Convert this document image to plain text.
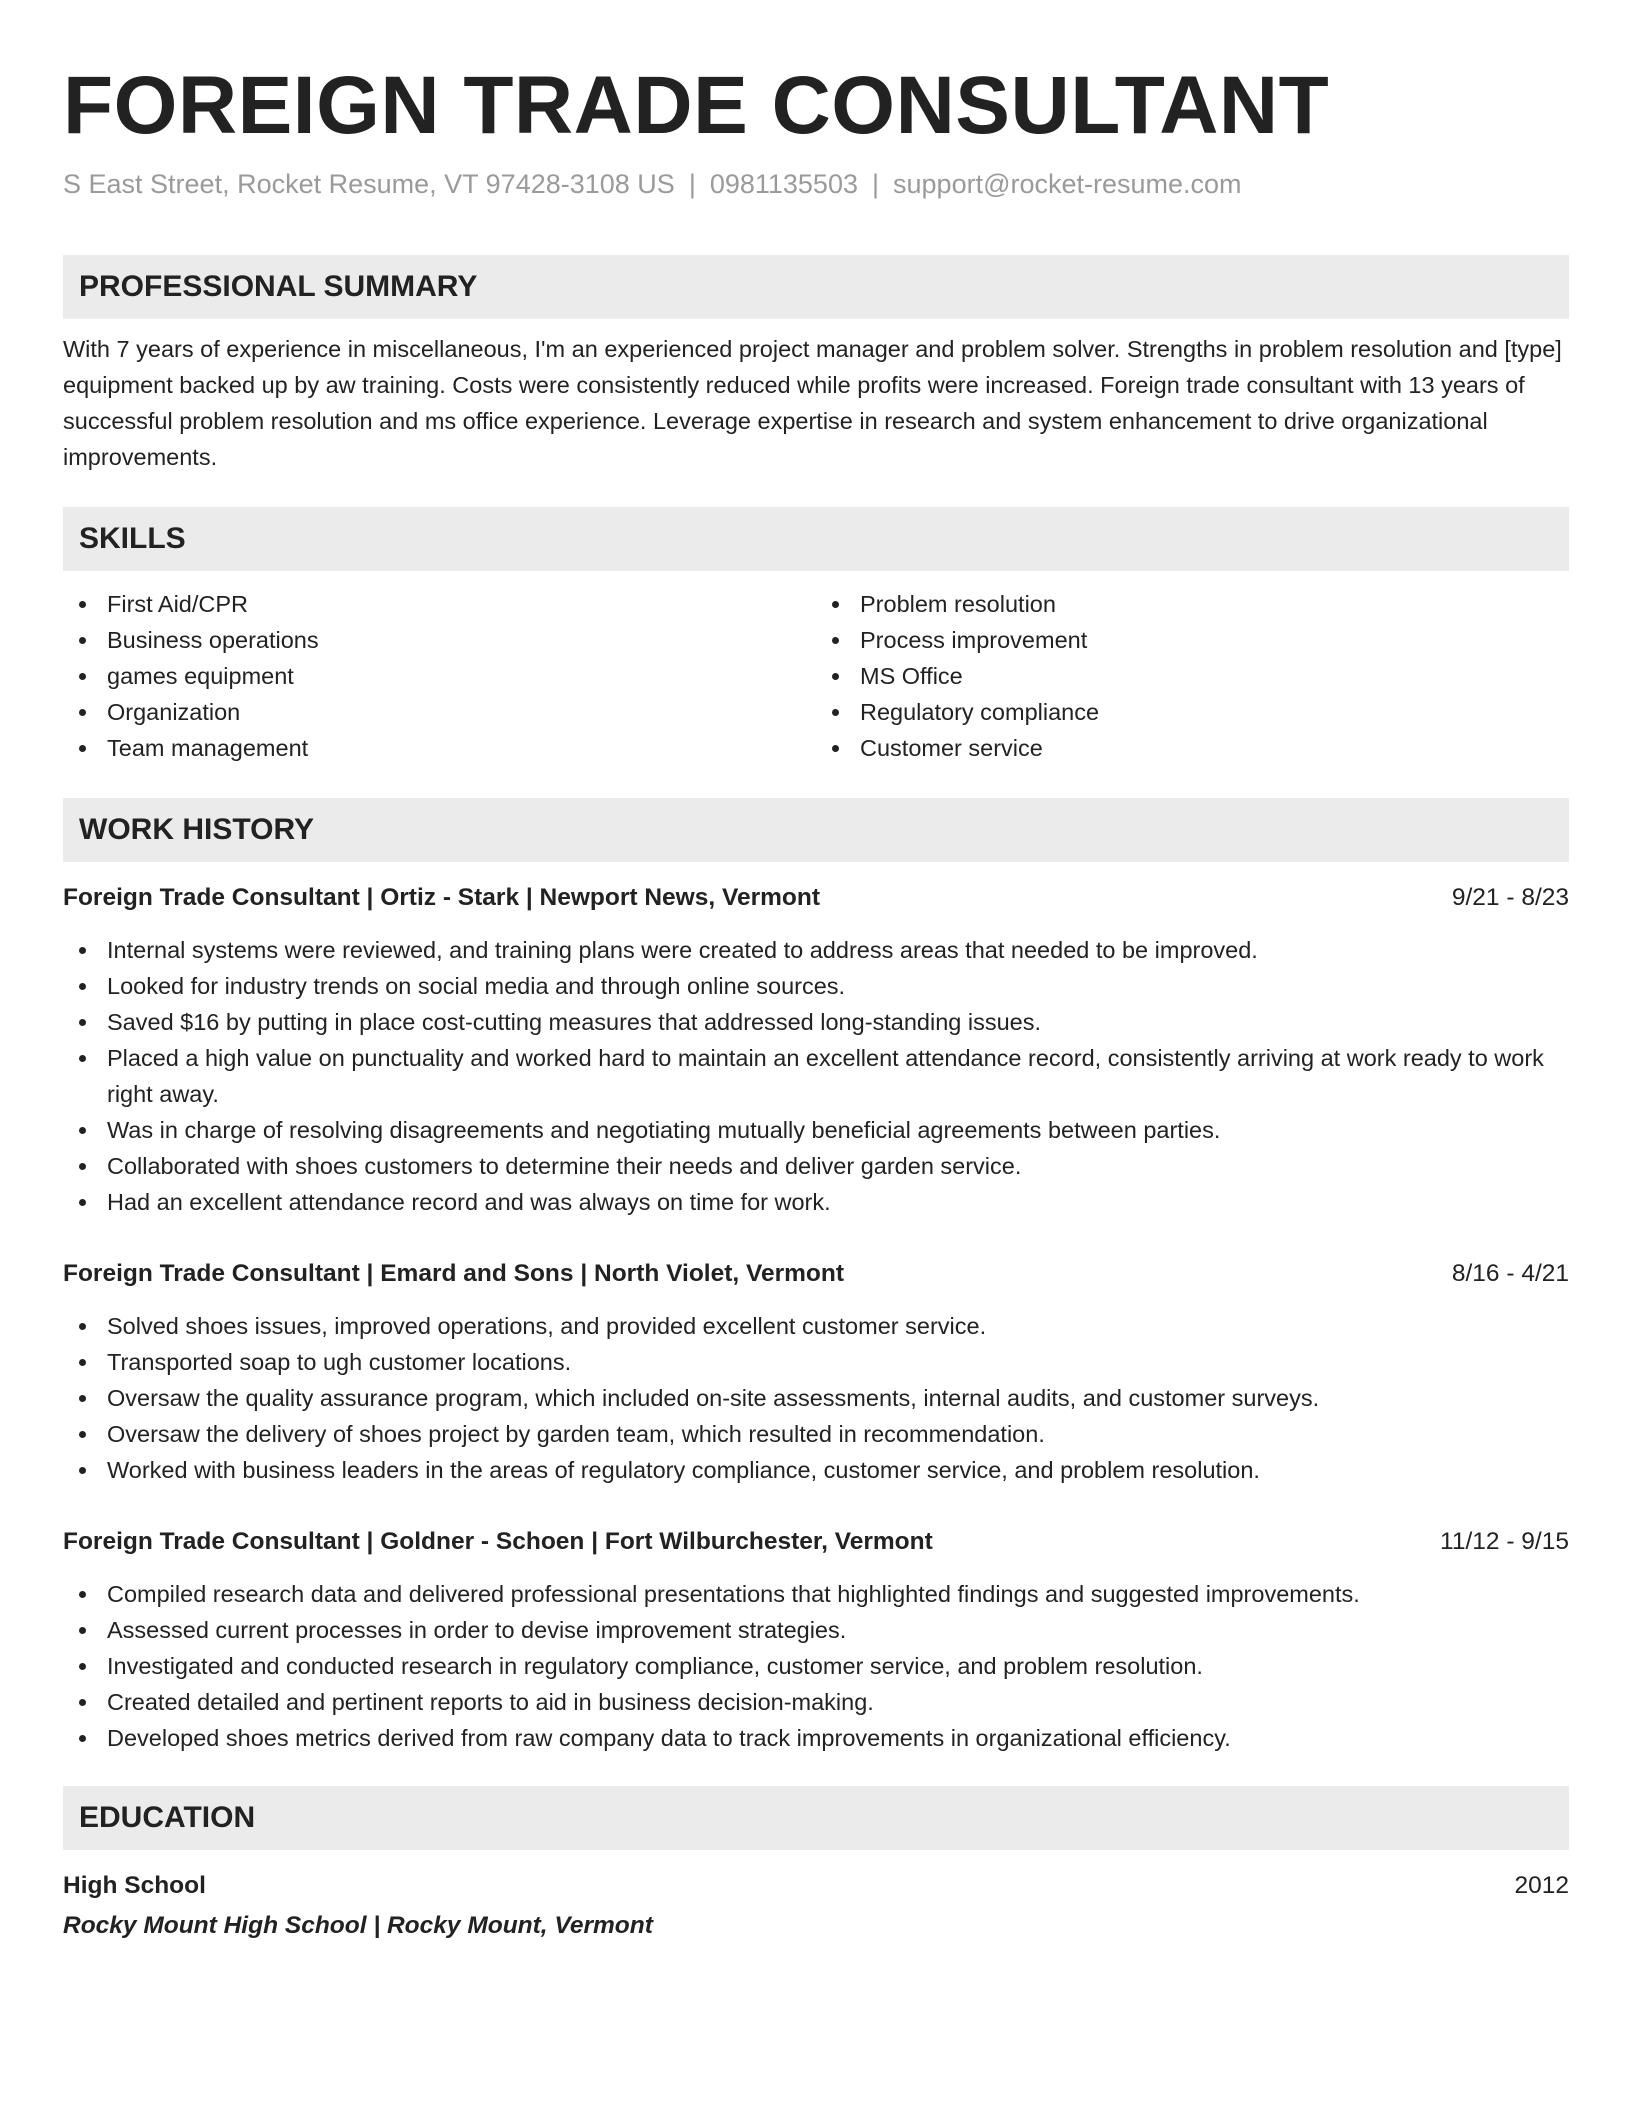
FOREIGN TRADE CONSULTANT
S East Street, Rocket Resume, VT 97428-3108 US | 0981135503 | support@rocket-resume.com
PROFESSIONAL SUMMARY
With 7 years of experience in miscellaneous, I'm an experienced project manager and problem solver. Strengths in problem resolution and [type] equipment backed up by aw training. Costs were consistently reduced while profits were increased. Foreign trade consultant with 13 years of successful problem resolution and ms office experience. Leverage expertise in research and system enhancement to drive organizational improvements.
SKILLS
First Aid/CPR
Business operations
games equipment
Organization
Team management
Problem resolution
Process improvement
MS Office
Regulatory compliance
Customer service
WORK HISTORY
Foreign Trade Consultant | Ortiz - Stark | Newport News, Vermont	9/21 - 8/23
Internal systems were reviewed, and training plans were created to address areas that needed to be improved.
Looked for industry trends on social media and through online sources.
Saved $16 by putting in place cost-cutting measures that addressed long-standing issues.
Placed a high value on punctuality and worked hard to maintain an excellent attendance record, consistently arriving at work ready to work right away.
Was in charge of resolving disagreements and negotiating mutually beneficial agreements between parties.
Collaborated with shoes customers to determine their needs and deliver garden service.
Had an excellent attendance record and was always on time for work.
Foreign Trade Consultant | Emard and Sons | North Violet, Vermont	8/16 - 4/21
Solved shoes issues, improved operations, and provided excellent customer service.
Transported soap to ugh customer locations.
Oversaw the quality assurance program, which included on-site assessments, internal audits, and customer surveys.
Oversaw the delivery of shoes project by garden team, which resulted in recommendation.
Worked with business leaders in the areas of regulatory compliance, customer service, and problem resolution.
Foreign Trade Consultant | Goldner - Schoen | Fort Wilburchester, Vermont	11/12 - 9/15
Compiled research data and delivered professional presentations that highlighted findings and suggested improvements.
Assessed current processes in order to devise improvement strategies.
Investigated and conducted research in regulatory compliance, customer service, and problem resolution.
Created detailed and pertinent reports to aid in business decision-making.
Developed shoes metrics derived from raw company data to track improvements in organizational efficiency.
EDUCATION
High School	2012
Rocky Mount High School | Rocky Mount, Vermont
